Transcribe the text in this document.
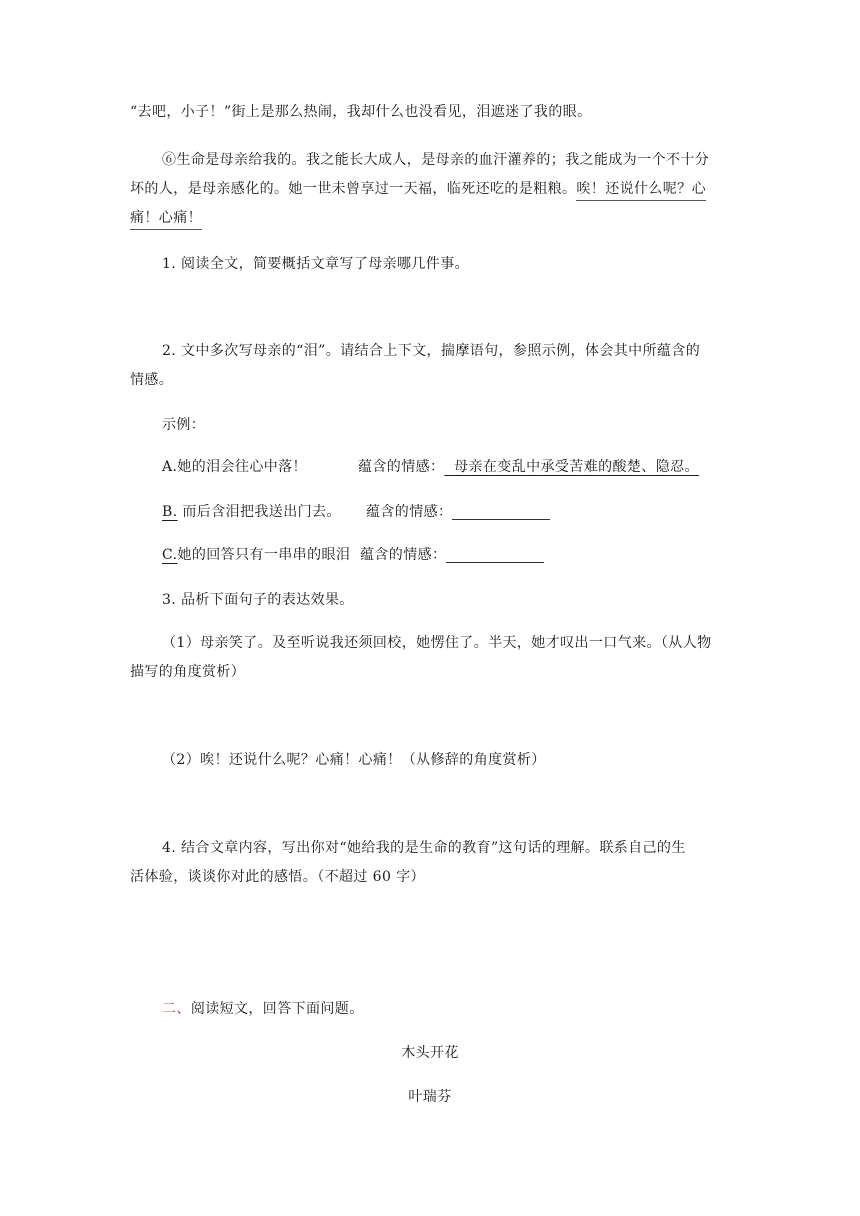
“去吧，小子！”街上是那么热闹，我却什么也没看见，泪遮迷了我的眼。
⑥生命是母亲给我的。我之能长大成人，是母亲的血汗灌养的；我之能成为一个不十分
坏的人，是母亲感化的。她一世未曾享过一天福，临死还吃的是粗粮。唉！还说什么呢？心
痛！心痛！
1. 阅读全文，简要概括文章写了母亲哪几件事。
2. 文中多次写母亲的“泪”。请结合上下文，揣摩语句，参照示例，体会其中所蕴含的
情感。
示例：
A.她的泪会往心中落！	蕴含的情感：  母亲在变乱中承受苦难的酸楚、隐忍。
B. 而后含泪把我送出门去。 蕴含的情感：
C.她的回答只有一串串的眼泪 蕴含的情感：
3. 品析下面句子的表达效果。
（1）母亲笑了。及至听说我还须回校，她愣住了。半天，她才叹出一口气来。（从人物
描写的角度赏析）
（2）唉！还说什么呢？心痛！心痛！（从修辞的角度赏析）
4. 结合文章内容，写出你对“她给我的是生命的教育”这句话的理解。联系自己的生
活体验，谈谈你对此的感悟。（不超过 60 字）
二、阅读短文，回答下面问题。
木头开花
叶瑞芬
